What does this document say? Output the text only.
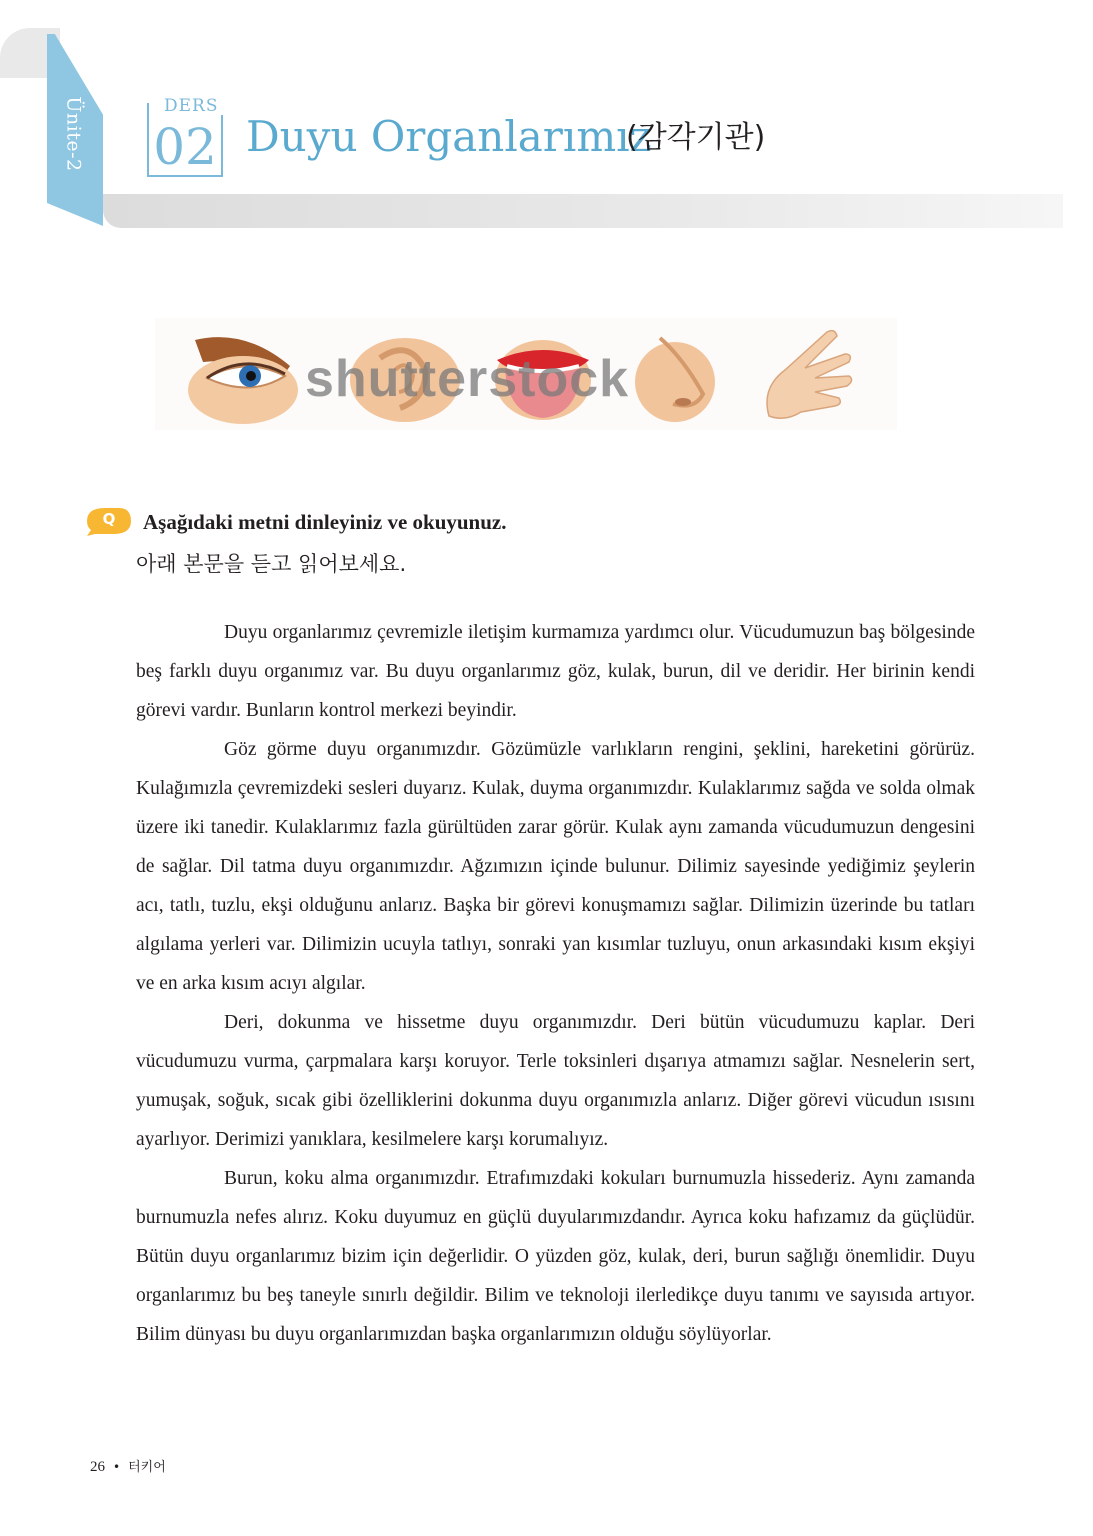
Ünite-2	DERS
02 Duyu Organlarımız
(감각기관)
shutterstock
Q Aşağıdaki metni dinleyiniz ve okuyunuz.
아래 본문을 듣고 읽어보세요.

Duyu organlarımız çevremizle iletişim kurmamıza yardımcı olur. Vücudumuzun baş bölgesinde beş farklı duyu organımız var. Bu duyu organlarımız göz, kulak, burun, dil ve deridir. Her birinin kendi görevi vardır. Bunların kontrol merkezi beyindir.

Göz görme duyu organımızdır. Gözümüzle varlıkların rengini, şeklini, hareketini görürüz. Kulağımızla çevremizdeki sesleri duyarız. Kulak, duyma organımızdır. Kulaklarımız sağda ve solda olmak üzere iki tanedir. Kulaklarımız fazla gürültüden zarar görür. Kulak aynı zamanda vücudumuzun dengesini de sağlar. Dil tatma duyu organımızdır. Ağzımızın içinde bulunur. Dilimiz sayesinde yediğimiz şeylerin acı, tatlı, tuzlu, ekşi olduğunu anlarız. Başka bir görevi konuşmamızı sağlar. Dilimizin üzerinde bu tatları algılama yerleri var. Dilimizin ucuyla tatlıyı, sonraki yan kısımlar tuzluyu, onun arkasındaki kısım ekşiyi ve en arka kısım acıyı algılar.

Deri, dokunma ve hissetme duyu organımızdır. Deri bütün vücudumuzu kaplar. Deri vücudumuzu vurma, çarpmalara karşı koruyor. Terle toksinleri dışarıya atmamızı sağlar. Nesnelerin sert, yumuşak, soğuk, sıcak gibi özelliklerini dokunma duyu organımızla anlarız. Diğer görevi vücudun ısısını ayarlıyor. Derimizi yanıklara, kesilmelere karşı korumalıyız.

Burun, koku alma organımızdır. Etrafımızdaki kokuları burnumuzla hissederiz. Aynı zamanda burnumuzla nefes alırız. Koku duyumuz en güçlü duyularımızdandır. Ayrıca koku hafızamız da güçlüdür. Bütün duyu organlarımız bizim için değerlidir. O yüzden göz, kulak, deri, burun sağlığı önemlidir. Duyu organlarımız bu beş taneyle sınırlı değildir. Bilim ve teknoloji ilerledikçe duyu tanımı ve sayısıda artıyor. Bilim dünyası bu duyu organlarımızdan başka organlarımızın olduğu söylüyorlar.

26 • 터키어
